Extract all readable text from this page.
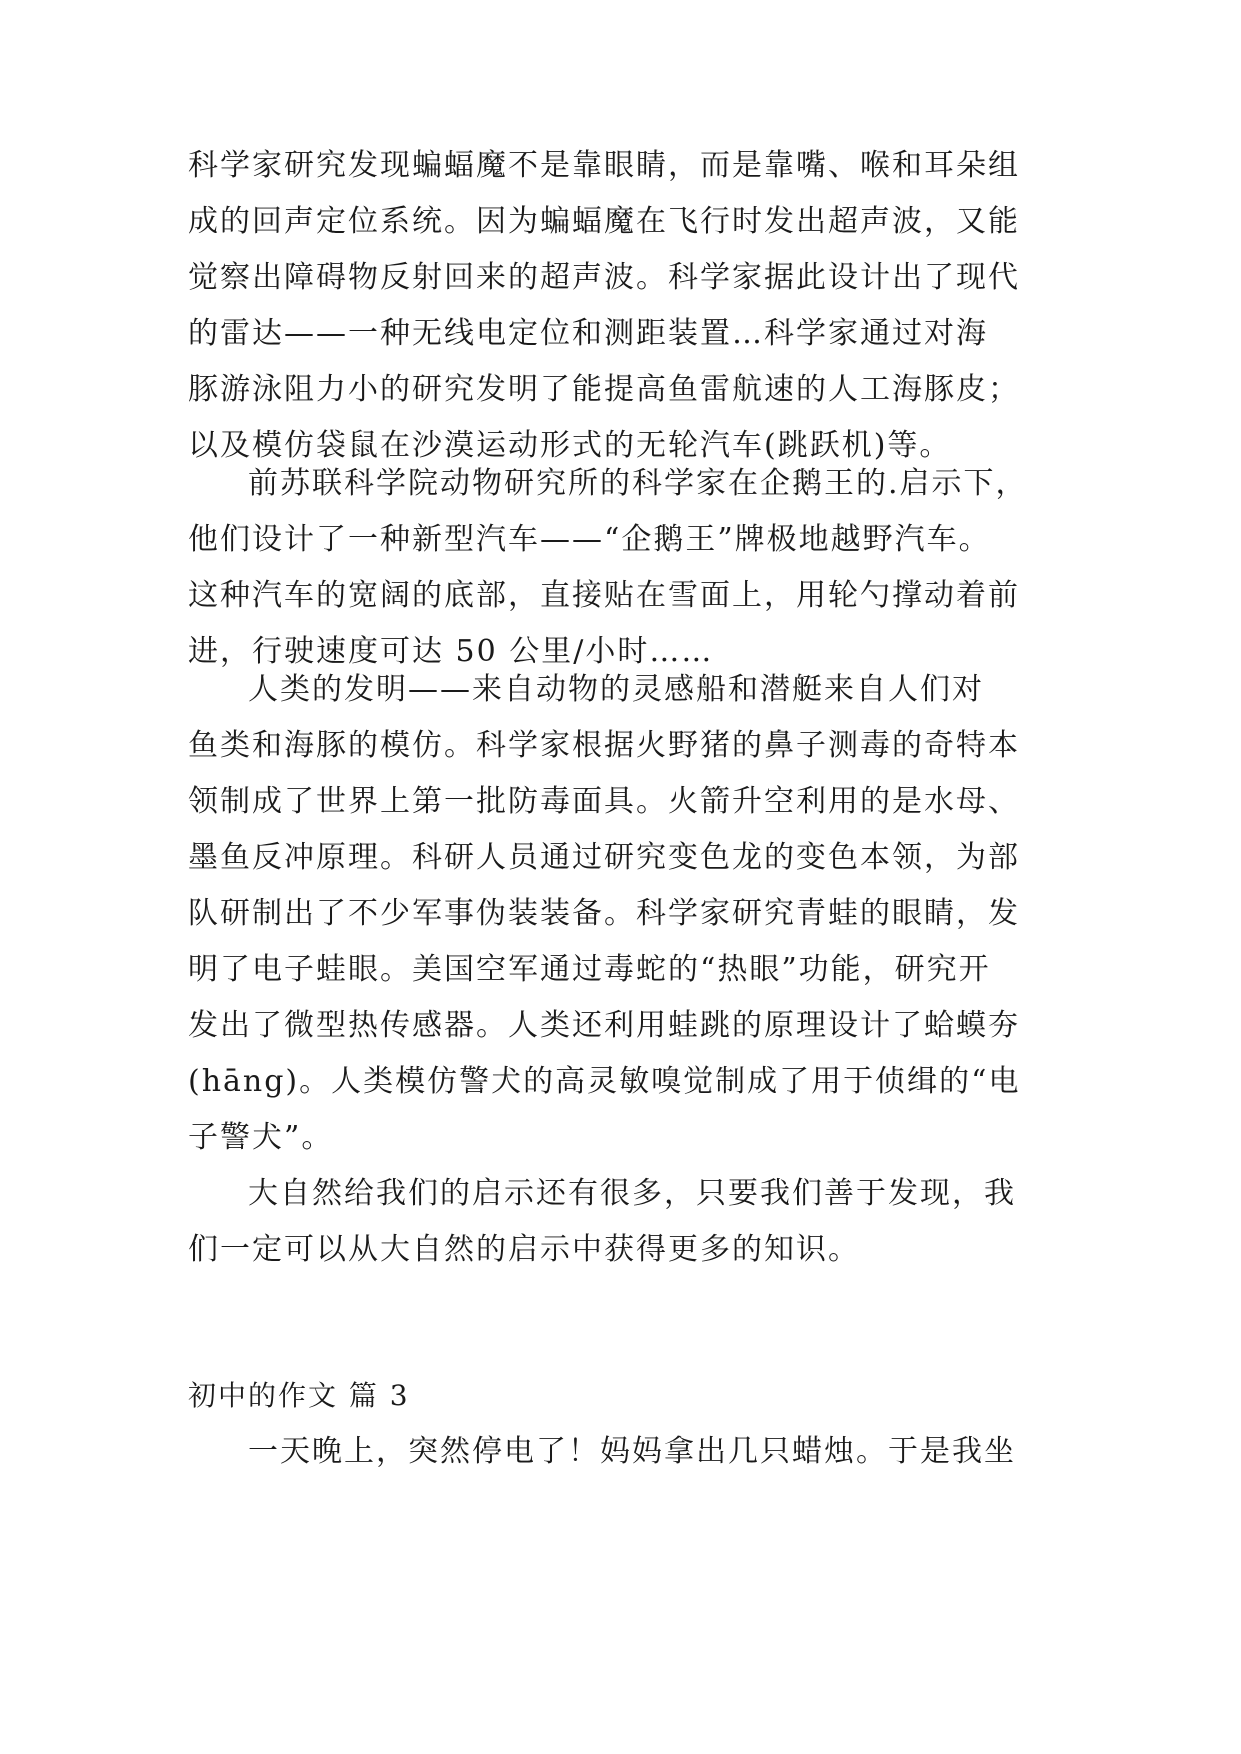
科学家研究发现蝙蝠魔不是靠眼睛，而是靠嘴、喉和耳朵组
成的回声定位系统。因为蝙蝠魔在飞行时发出超声波，又能
觉察出障碍物反射回来的超声波。科学家据此设计出了现代
的雷达——一种无线电定位和测距装置…科学家通过对海
豚游泳阻力小的研究发明了能提高鱼雷航速的人工海豚皮；
以及模仿袋鼠在沙漠运动形式的无轮汽车(跳跃机)等。
前苏联科学院动物研究所的科学家在企鹅王的.启示下，
他们设计了一种新型汽车——“企鹅王”牌极地越野汽车。
这种汽车的宽阔的底部，直接贴在雪面上，用轮勺撑动着前
进，行驶速度可达 50 公里/小时……
人类的发明——来自动物的灵感船和潜艇来自人们对
鱼类和海豚的模仿。科学家根据火野猪的鼻子测毒的奇特本
领制成了世界上第一批防毒面具。火箭升空利用的是水母、
墨鱼反冲原理。科研人员通过研究变色龙的变色本领，为部
队研制出了不少军事伪装装备。科学家研究青蛙的眼睛，发
明了电子蛙眼。美国空军通过毒蛇的“热眼”功能，研究开
发出了微型热传感器。人类还利用蛙跳的原理设计了蛤蟆夯
(hāng)。人类模仿警犬的高灵敏嗅觉制成了用于侦缉的“电
子警犬”。
大自然给我们的启示还有很多，只要我们善于发现，我
们一定可以从大自然的启示中获得更多的知识。
初中的作文 篇 3
一天晚上，突然停电了！妈妈拿出几只蜡烛。于是我坐
